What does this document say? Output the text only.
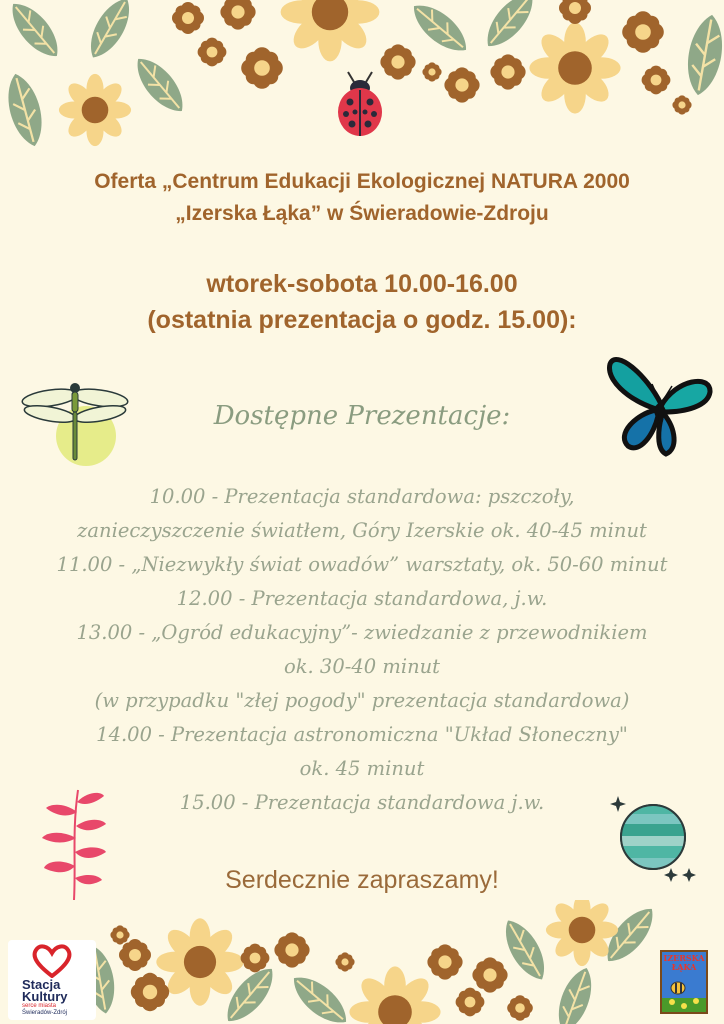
Oferta „Centrum Edukacji Ekologicznej NATURA 2000
„Izerska Łąka” w Świeradowie-Zdroju
wtorek-sobota 10.00-16.00
(ostatnia prezentacja o godz. 15.00):
Dostępne Prezentacje:
10.00 - Prezentacja standardowa: pszczoły,
zanieczyszczenie światłem, Góry Izerskie ok. 40-45 minut
11.00 - „Niezwykły świat owadów” warsztaty, ok. 50-60 minut
12.00 - Prezentacja standardowa, j.w.
13.00 - „Ogród edukacyjny”- zwiedzanie z przewodnikiem
ok. 30-40 minut
(w przypadku "złej pogody" prezentacja standardowa)
14.00 - Prezentacja astronomiczna "Układ Słoneczny"
ok. 45 minut
15.00 - Prezentacja standardowa j.w.
Serdecznie zapraszamy!
Stacja
Kultury
serce miasta
Świeradów-Zdrój
IZERSKA
ŁĄKA
